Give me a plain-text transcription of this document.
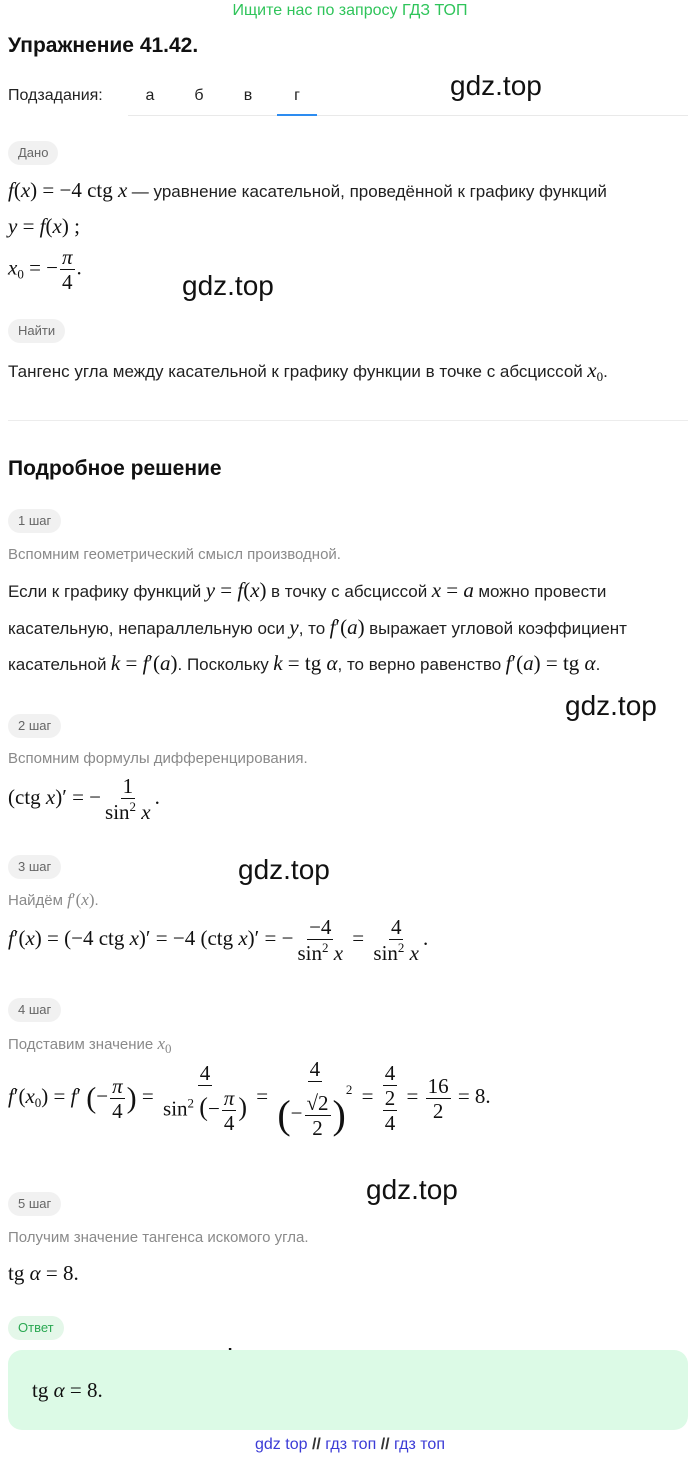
Ищите нас по запросу ГДЗ ТОП
Упражнение 41.42.
Подзадания:	а	б	в	г	gdz.top
gdz.top
gdz.top
gdz.top
gdz.top
Дано
f(x) = −4 ctg x — уравнение касательной, проведённой к графику функций
y = f(x) ;
$x_0$ = − $\frac{\pi}{4}$ .
Найти
Тангенс угла между касательной к графику функции в точке с абсциссой $x_0$.
Подробное решение
1 шаг
Вспомним геометрический смысл производной.
Если к графику функций y = f(x) в точку с абсциссой x = a можно провести
касательную, непараллельную оси y, то f′(a) выражает угловой коэффициент
касательной k = f′(a). Поскольку k = tg α, то верно равенство f′(a) = tg α.
2 шаг
Вспомним формулы дифференцирования.
(ctg x)′ = − $\frac{1}{\sin^2 x}$ .
3 шаг
Найдём f′(x).
f′(x) = (−4 ctg x)′ = −4 (ctg x)′ = − $\frac{-4}{\sin^2 x} = \frac{4}{\sin^2 x}$ .
4 шаг
Подставим значение $x_0$
$f'(x_0) = f'$ (− $\frac{\pi}{4}$ ) = $\frac{4}{\sin^2 (- \frac{\pi}{4} )} = \frac{4}{(- \frac{√2}{2} )^2} = \frac{4}{\frac{2}{4}} = \frac{16}{2} = 8$.
5 шаг
Получим значение тангенса искомого угла.
tg α = 8.
Ответ
tg α = 8.
gdz top // гдз топ // гдз топ
